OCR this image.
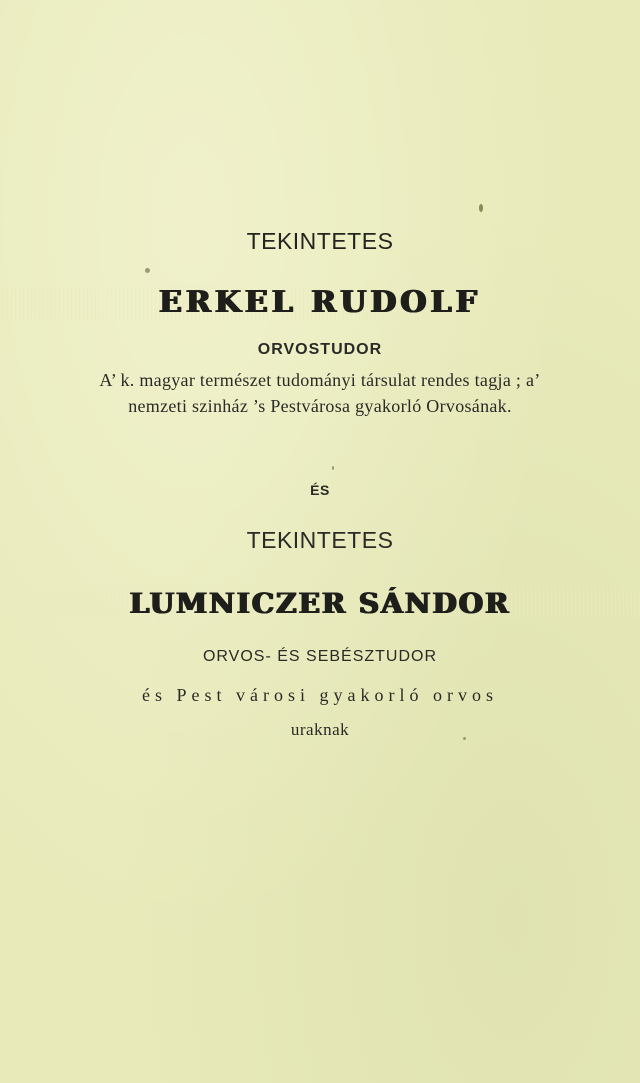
TEKINTETES
ERKEL RUDOLF
ORVOSTUDOR
A’ k. magyar természet tudományi társulat rendes tagja ; a’
nemzeti szinház ’s Pestvárosa gyakorló Orvosának.
ÉS
TEKINTETES
LUMNICZER SÁNDOR
ORVOS- ÉS SEBÉSZTUDOR
és Pest városi gyakorló orvos
uraknak
